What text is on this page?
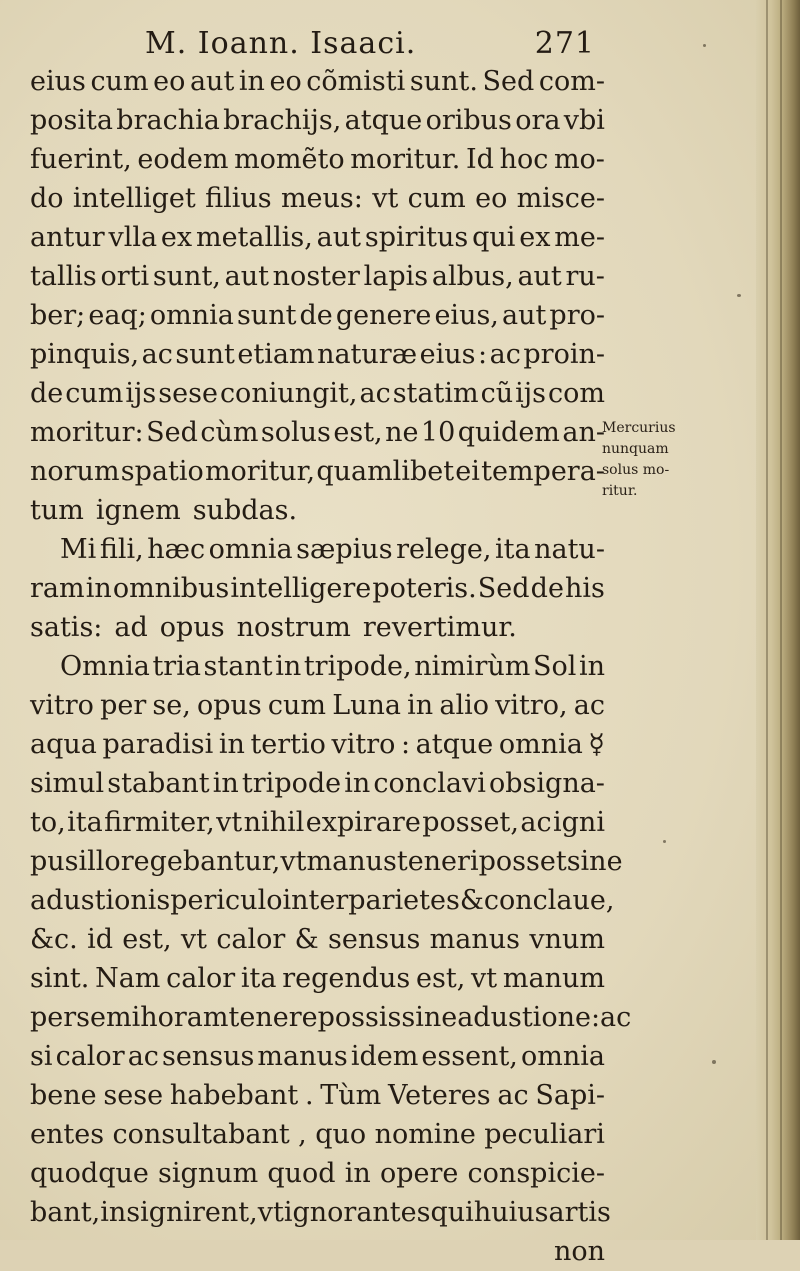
M. Ioann. Isaaci.	271
eius cum eo aut in eo cõmisti sunt. Sed com-
posita brachia brachijs, atque oribus ora vbi
fuerint, eodem momẽto moritur. Id hoc mo-
do intelliget filius meus: vt cum eo misce-
antur vlla ex metallis, aut spiritus qui ex me-
tallis orti sunt, aut noster lapis albus, aut ru-
ber; eaq; omnia sunt de genere eius, aut pro-
pinquis, ac sunt etiam naturæ eius : ac proin-
de cum ijs sese coniungit, ac statim cũ ijs com
moritur: Sed cùm solus est, ne 10 quidem an-
norum spatio moritur, quamlibet ei tempera-
tum ignem subdas.
Mi fili, hæc omnia sæpius relege, ita natu-
ram in omnibus intelligere poteris. Sed de his
satis: ad opus nostrum revertimur.
Omnia tria stant in tripode, nimirùm Sol in
vitro per se, opus cum Luna in alio vitro, ac
aqua paradisi in tertio vitro : atque omnia ☿
simul stabant in tripode in conclavi obsigna-
to, ita firmiter, vt nihil expirare posset, ac igni
pusillo regebantur, vt manus teneri posset sine
adustionis periculo inter parietes & conclaue,
&c. id est, vt calor & sensus manus vnum
sint. Nam calor ita regendus est, vt manum
per semihoram tenere possis sine adustione: ac
si calor ac sensus manus idem essent, omnia
bene sese habebant . Tùm Veteres ac Sapi-
entes consultabant , quo nomine peculiari
quodque signum quod in opere conspicie-
bant, insignirent, vt ignorantes qui huius artis
non
Mercurius
nunquam
solus mo-
ritur.
